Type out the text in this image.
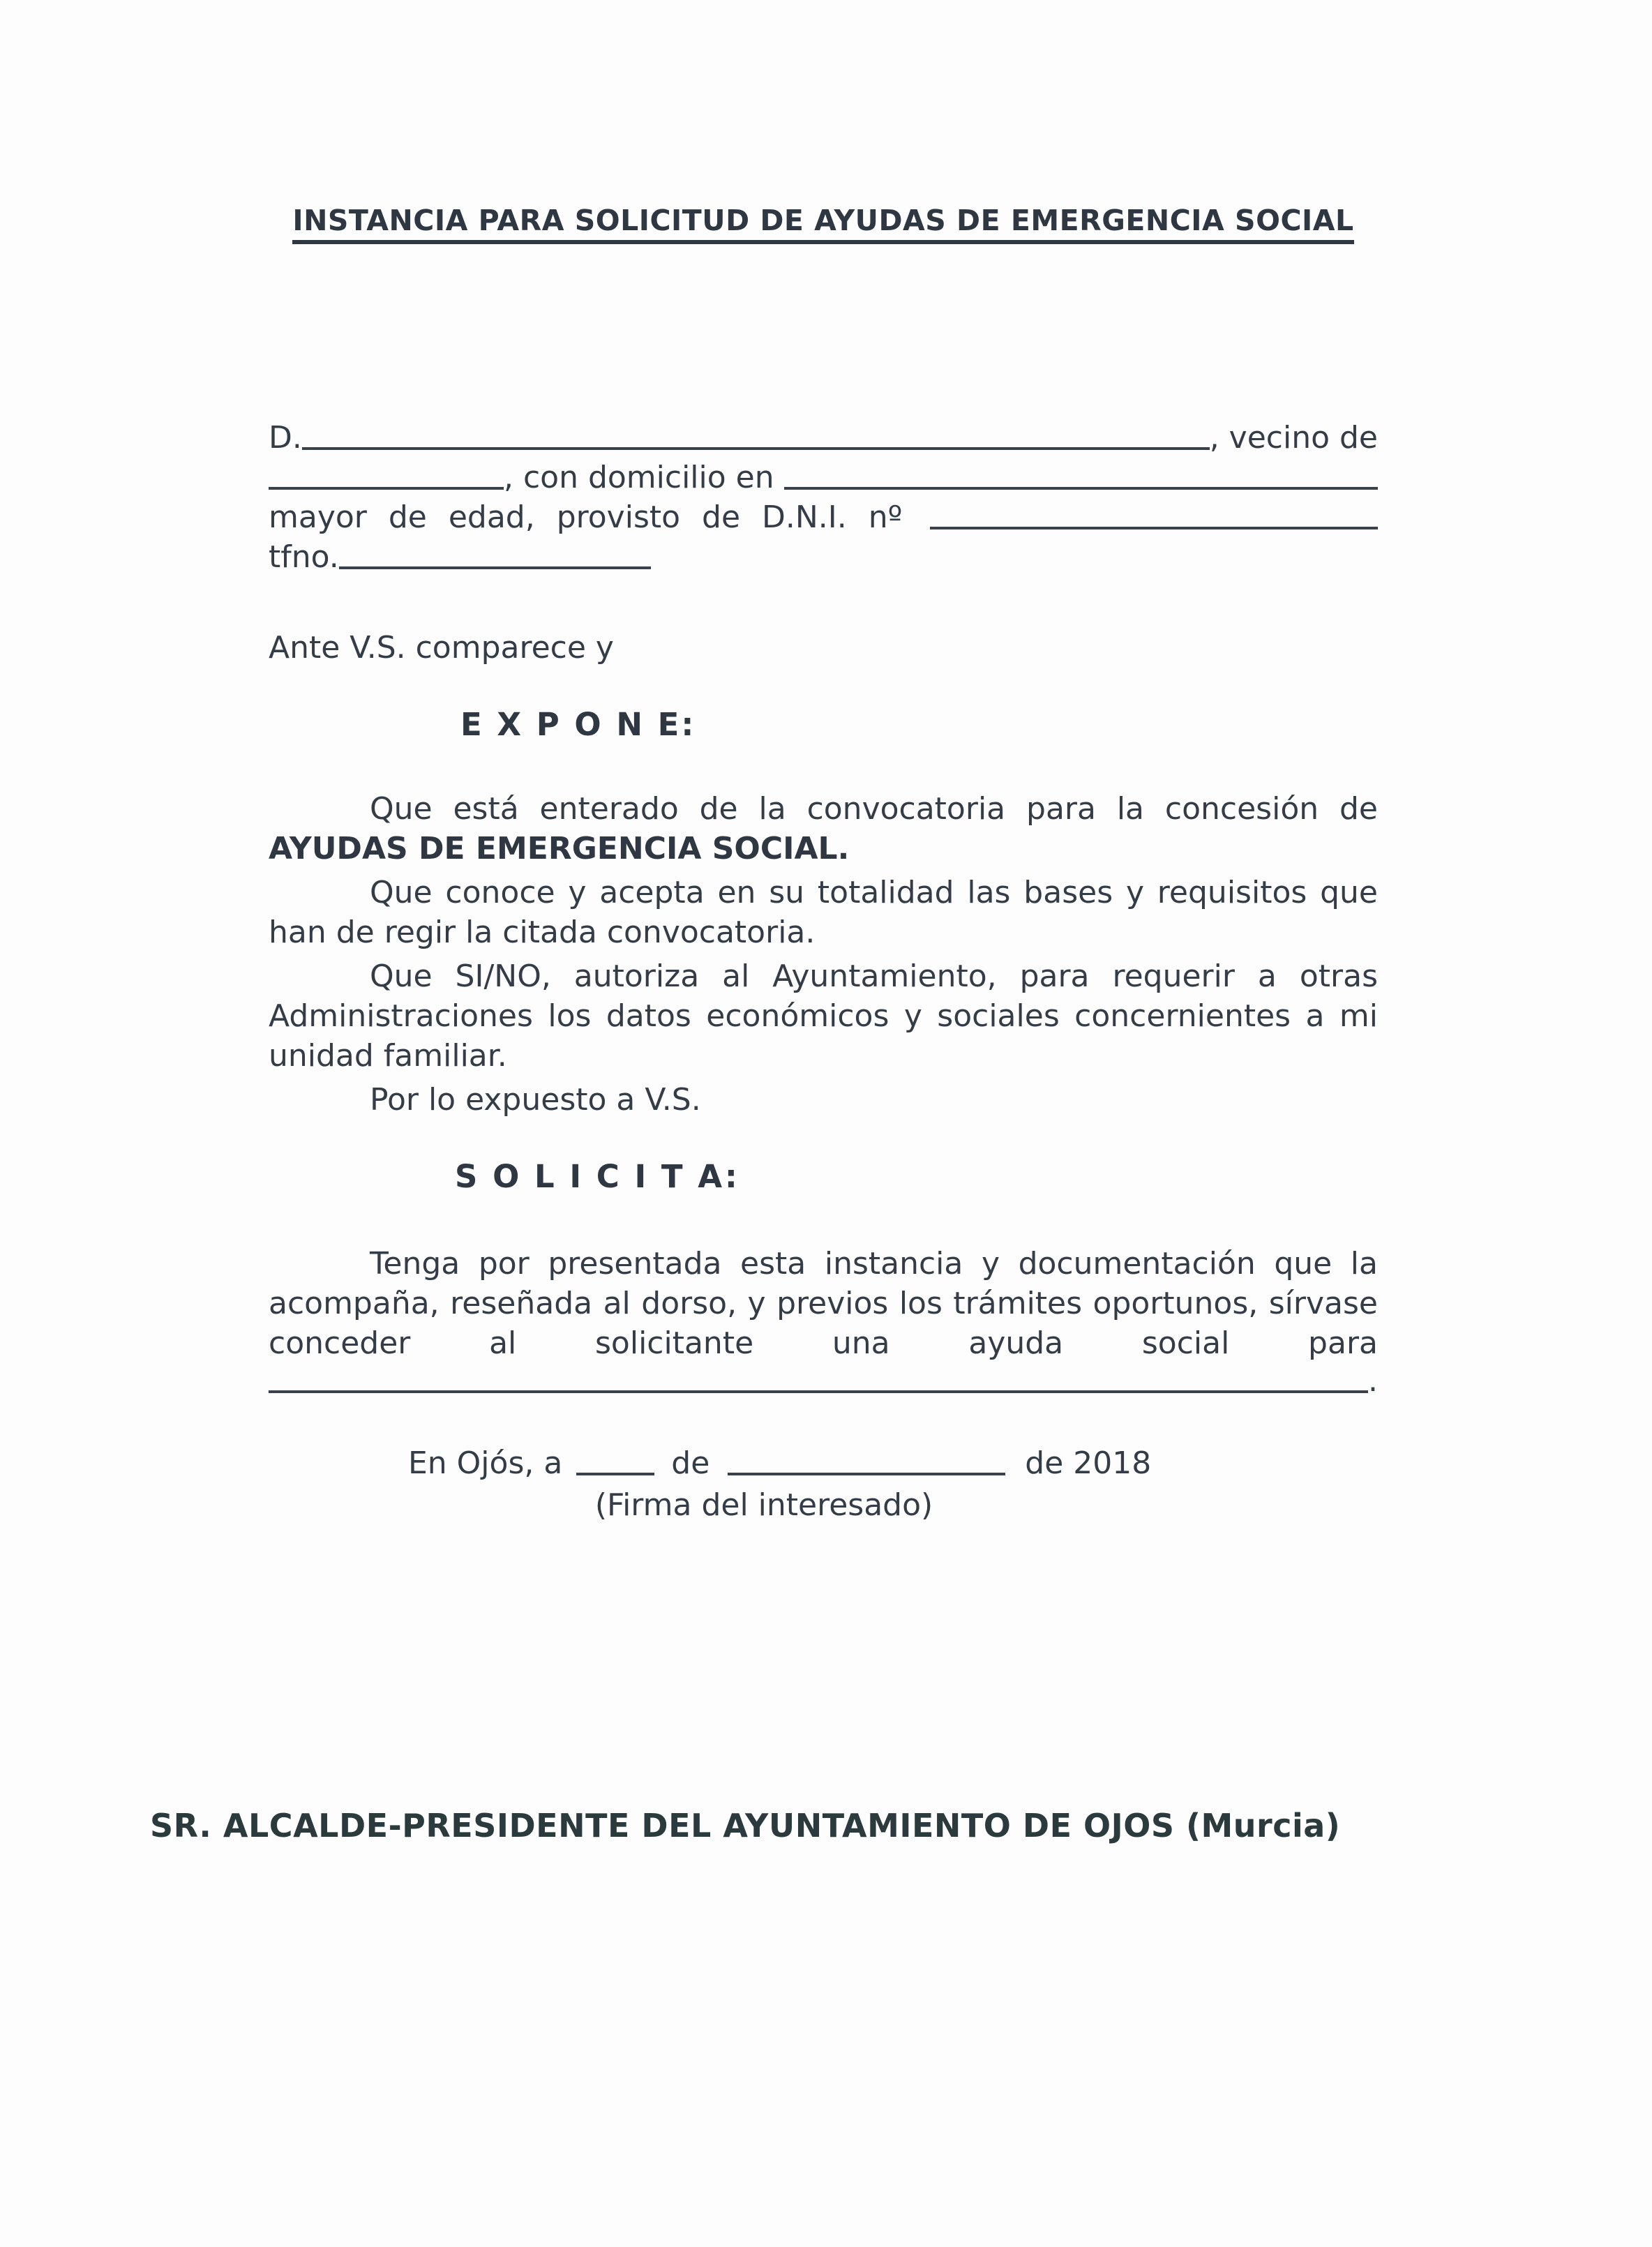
INSTANCIA PARA SOLICITUD DE AYUDAS DE EMERGENCIA SOCIAL
D.	, vecino de
, con domicilio en
mayor de edad, provisto de D.N.I. nº
tfno.
Ante V.S. comparece y
E X P O N E:

Que está enterado de la convocatoria para la concesión de AYUDAS DE EMERGENCIA SOCIAL.

Que conoce y acepta en su totalidad las bases y requisitos que han de regir la citada convocatoria.

Que SI/NO, autoriza al Ayuntamiento, para requerir a otras Administraciones los datos económicos y sociales concernientes a mi unidad familiar.

Por lo expuesto a V.S.

S O L I C I T A:

Tenga por presentada esta instancia y documentación que la acompaña, reseñada al dorso, y previos los trámites oportunos, sírvase conceder al solicitante una ayuda social para

.
En Ojós, a	de	de 2018
(Firma del interesado)
SR. ALCALDE-PRESIDENTE DEL AYUNTAMIENTO DE OJOS (Murcia)
